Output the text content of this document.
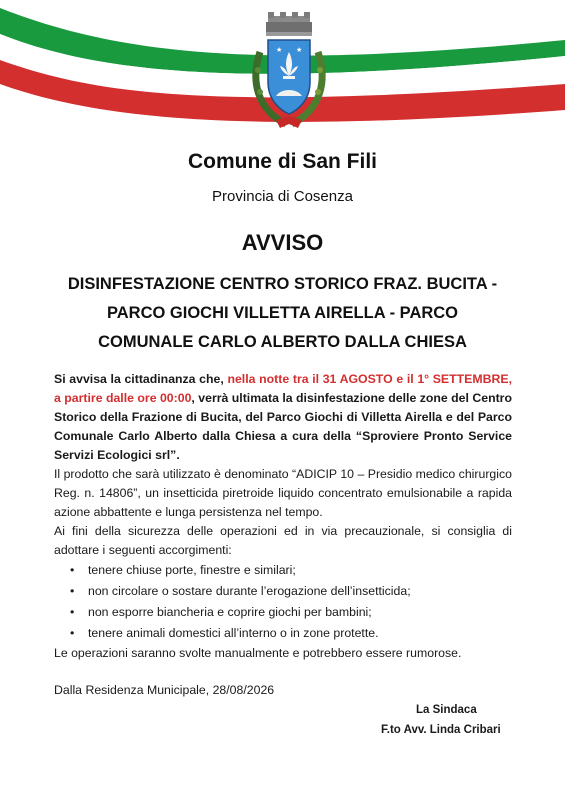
★ ★
Comune di San Fili
Provincia di Cosenza
AVVISO
DISINFESTAZIONE CENTRO STORICO FRAZ. BUCITA -
PARCO GIOCHI VILLETTA AIRELLA - PARCO
COMUNALE CARLO ALBERTO DALLA CHIESA

Si avvisa la cittadinanza che, nella notte tra il 31 AGOSTO e il 1° SETTEMBRE, a partire dalle ore 00:00, verrà ultimata la disinfestazione delle zone del Centro Storico della Frazione di Bucita, del Parco Giochi di Villetta Airella e del Parco Comunale Carlo Alberto dalla Chiesa a cura della “Sproviere Pronto Service Servizi Ecologici srl”.

Il prodotto che sarà utilizzato è denominato “ADICIP 10 – Presidio medico chirurgico Reg. n. 14806”, un insetticida piretroide liquido concentrato emulsionabile a rapida azione abbattente e lunga persistenza nel tempo.

Ai fini della sicurezza delle operazioni ed in via precauzionale, si consiglia di adottare i seguenti accorgimenti:

• tenere chiuse porte, finestre e similari;
• non circolare o sostare durante l’erogazione dell’insetticida;
• non esporre biancheria e coprire giochi per bambini;
• tenere animali domestici all’interno o in zone protette.

Le operazioni saranno svolte manualmente e potrebbero essere rumorose.

Dalla Residenza Municipale, 28/08/2026
La Sindaca
F.to Avv. Linda Cribari
